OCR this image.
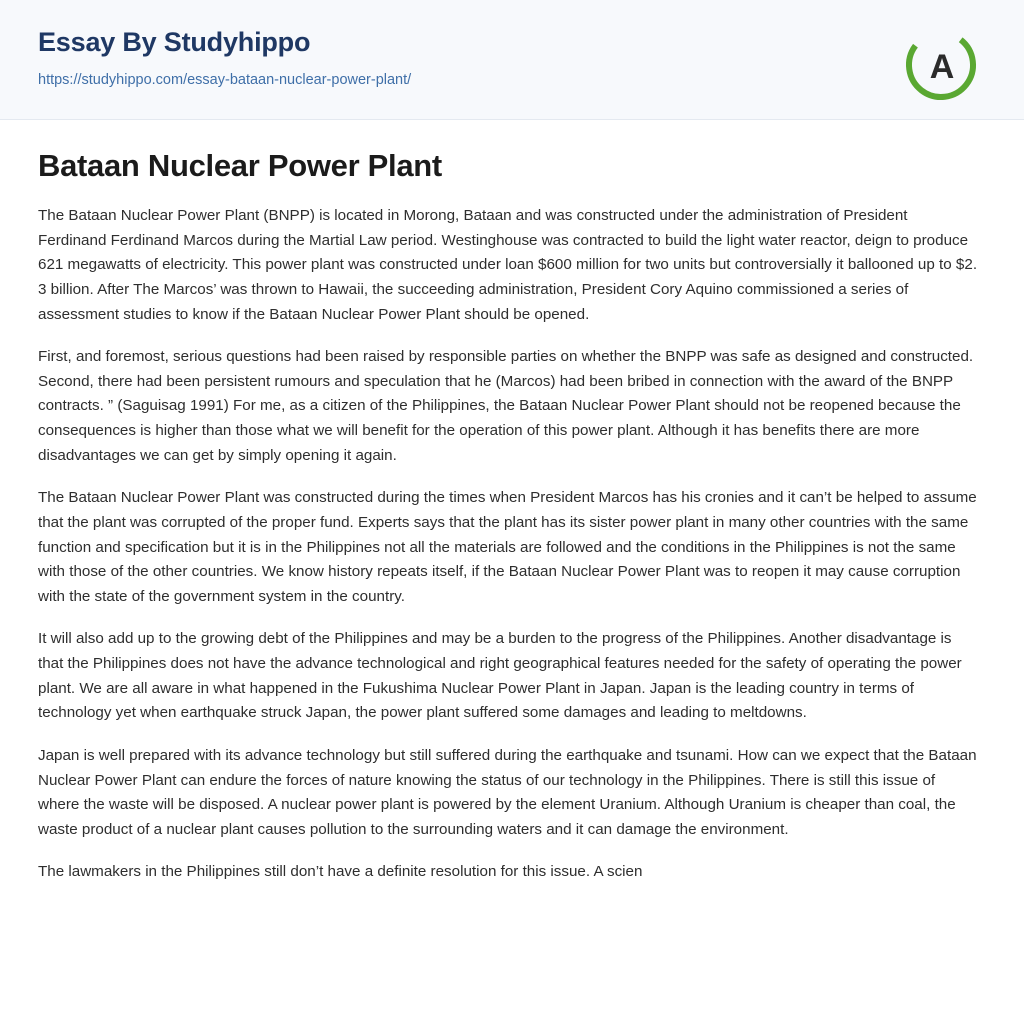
Essay By Studyhippo
https://studyhippo.com/essay-bataan-nuclear-power-plant/	A
Bataan Nuclear Power Plant

The Bataan Nuclear Power Plant (BNPP) is located in Morong, Bataan and was constructed under the administration of President Ferdinand Ferdinand Marcos during the Martial Law period. Westinghouse was contracted to build the light water reactor, deign to produce 621 megawatts of electricity. This power plant was constructed under loan $600 million for two units but controversially it ballooned up to $2. 3 billion. After The Marcos’ was thrown to Hawaii, the succeeding administration, President Cory Aquino commissioned a series of assessment studies to know if the Bataan Nuclear Power Plant should be opened.

First, and foremost, serious questions had been raised by responsible parties on whether the BNPP was safe as designed and constructed. Second, there had been persistent rumours and speculation that he (Marcos) had been bribed in connection with the award of the BNPP contracts. ” (Saguisag 1991) For me, as a citizen of the Philippines, the Bataan Nuclear Power Plant should not be reopened because the consequences is higher than those what we will benefit for the operation of this power plant. Although it has benefits there are more disadvantages we can get by simply opening it again.

The Bataan Nuclear Power Plant was constructed during the times when President Marcos has his cronies and it can’t be helped to assume that the plant was corrupted of the proper fund. Experts says that the plant has its sister power plant in many other countries with the same function and specification but it is in the Philippines not all the materials are followed and the conditions in the Philippines is not the same with those of the other countries. We know history repeats itself, if the Bataan Nuclear Power Plant was to reopen it may cause corruption with the state of the government system in the country.

It will also add up to the growing debt of the Philippines and may be a burden to the progress of the Philippines. Another disadvantage is that the Philippines does not have the advance technological and right geographical features needed for the safety of operating the power plant. We are all aware in what happened in the Fukushima Nuclear Power Plant in Japan. Japan is the leading country in terms of technology yet when earthquake struck Japan, the power plant suffered some damages and leading to meltdowns.

Japan is well prepared with its advance technology but still suffered during the earthquake and tsunami. How can we expect that the Bataan Nuclear Power Plant can endure the forces of nature knowing the status of our technology in the Philippines. There is still this issue of where the waste will be disposed. A nuclear power plant is powered by the element Uranium. Although Uranium is cheaper than coal, the waste product of a nuclear plant causes pollution to the surrounding waters and it can damage the environment.

The lawmakers in the Philippines still don’t have a definite resolution for this issue. A scien
